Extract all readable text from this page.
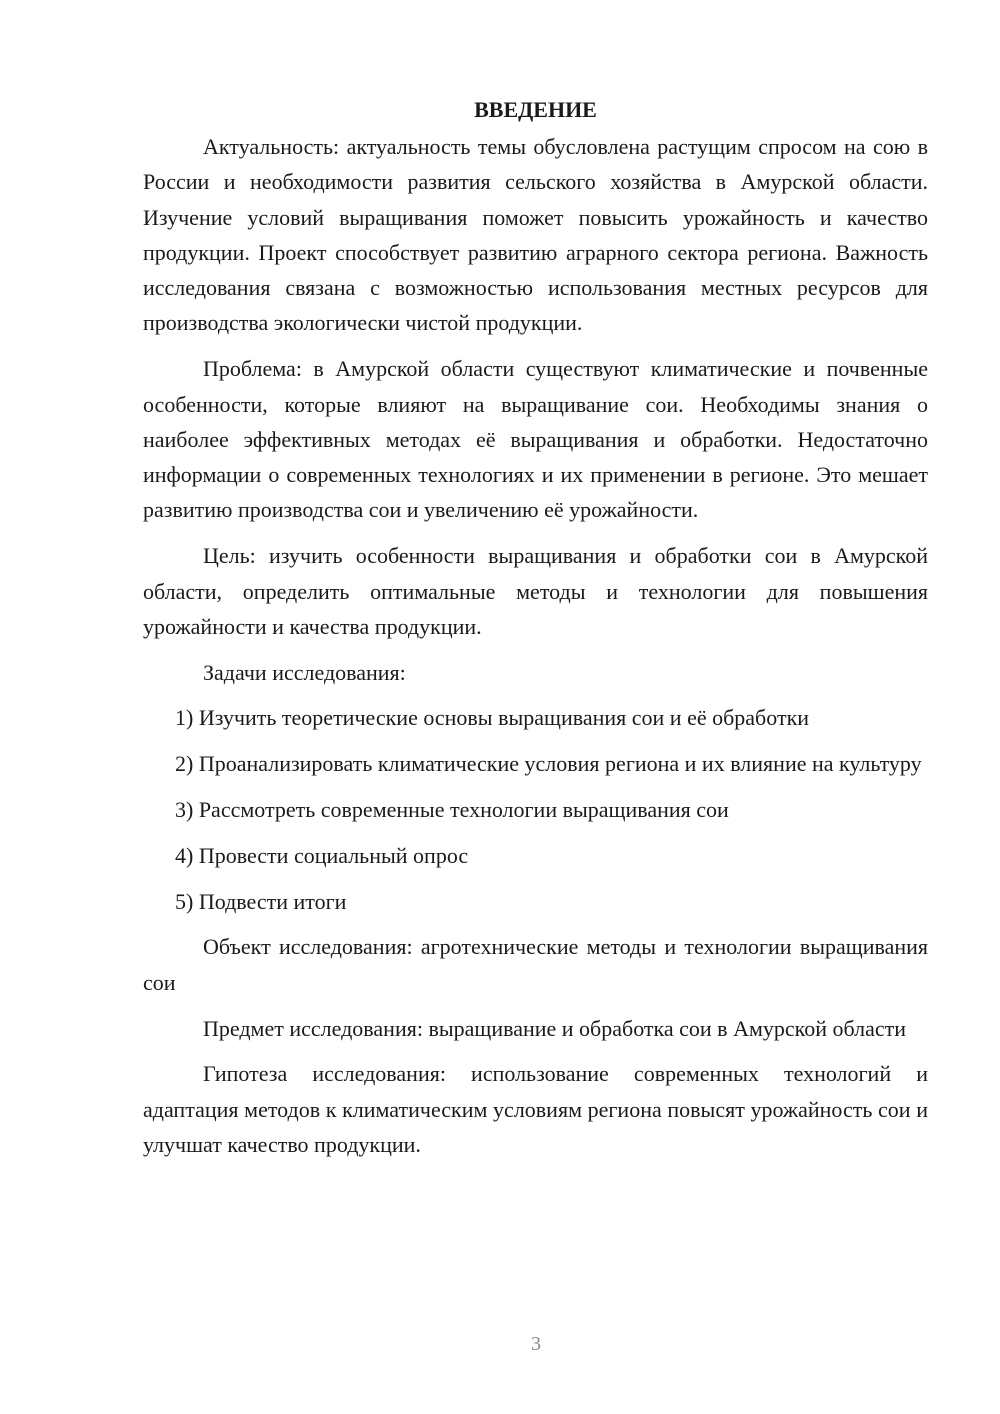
ВВЕДЕНИЕ

Актуальность: актуальность темы обусловлена растущим спросом на сою в России и необходимости развития сельского хозяйства в Амурской области. Изучение условий выращивания поможет повысить урожайность и качество продукции. Проект способствует развитию аграрного сектора региона. Важность исследования связана с возможностью использования местных ресурсов для производства экологически чистой продукции.

Проблема: в Амурской области существуют климатические и почвенные особенности, которые влияют на выращивание сои. Необходимы знания о наиболее эффективных методах её выращивания и обработки. Недостаточно информации о современных технологиях и их применении в регионе. Это мешает развитию производства сои и увеличению её урожайности.

Цель: изучить особенности выращивания и обработки сои в Амурской области, определить оптимальные методы и технологии для повышения урожайности и качества продукции.

Задачи исследования:

1) Изучить теоретические основы выращивания сои и её обработки

2) Проанализировать климатические условия региона и их влияние на культуру

3) Рассмотреть современные технологии выращивания сои

4) Провести социальный опрос

5) Подвести итоги

Объект исследования: агротехнические методы и технологии выращивания сои

Предмет исследования: выращивание и обработка сои в Амурской области

Гипотеза исследования: использование современных технологий и адаптация методов к климатическим условиям региона повысят урожайность сои и улучшат качество продукции.

3
